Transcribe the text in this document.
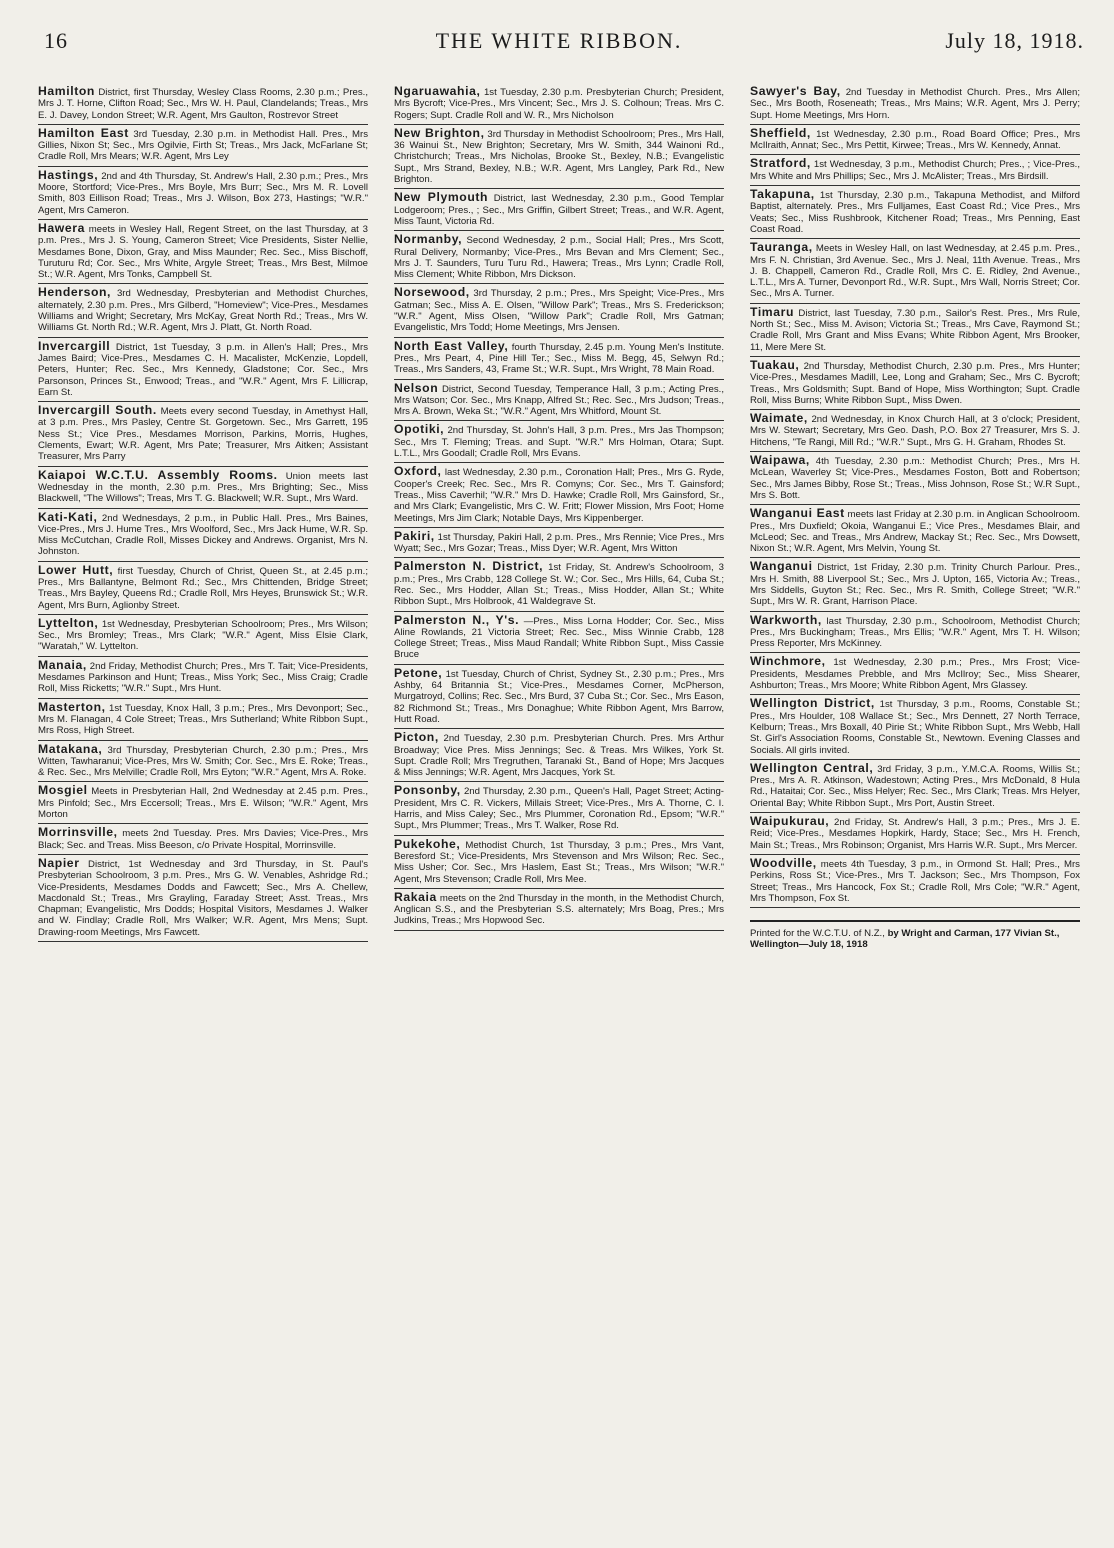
16	THE WHITE RIBBON.	July 18, 1918.
Hamilton District, first Thursday, Wesley Class Rooms, 2.30 p.m.; Pres., Mrs J. T. Horne, Clifton Road; Sec., Mrs W. H. Paul, Clandelands; Treas., Mrs E. J. Davey, London Street; W.R. Agent, Mrs Gaulton, Rostrevor Street
Hamilton East 3rd Tuesday, 2.30 p.m. in Methodist Hall. Pres., Mrs Gillies, Nixon St; Sec., Mrs Ogilvie, Firth St; Treas., Mrs Jack, McFarlane St; Cradle Roll, Mrs Mears; W.R. Agent, Mrs Ley
Hastings, 2nd and 4th Thursday, St. Andrew's Hall, 2.30 p.m.; Pres., Mrs Moore, Stortford; Vice-Pres., Mrs Boyle, Mrs Burr; Sec., Mrs M. R. Lovell Smith, 803 Eillison Road; Treas., Mrs J. Wilson, Box 273, Hastings; "W.R." Agent, Mrs Cameron.
Hawera meets in Wesley Hall, Regent Street, on the last Thursday, at 3 p.m. Pres., Mrs J. S. Young, Cameron Street; Vice Presidents, Sister Nellie, Mesdames Bone, Dixon, Gray, and Miss Maunder; Rec. Sec., Miss Bischoff, Turuturu Rd; Cor. Sec., Mrs White, Argyle Street; Treas., Mrs Best, Milmoe St.; W.R. Agent, Mrs Tonks, Campbell St.
Henderson, 3rd Wednesday, Presbyterian and Methodist Churches, alternately, 2.30 p.m. Pres., Mrs Gilberd, "Homeview"; Vice-Pres., Mesdames Williams and Wright; Secretary, Mrs McKay, Great North Rd.; Treas., Mrs W. Williams Gt. North Rd.; W.R. Agent, Mrs J. Platt, Gt. North Road.
Invercargill District, 1st Tuesday, 3 p.m. in Allen's Hall; Pres., Mrs James Baird; Vice-Pres., Mesdames C. H. Macalister, McKenzie, Lopdell, Peters, Hunter; Rec. Sec., Mrs Kennedy, Gladstone; Cor. Sec., Mrs Parsonson, Princes St., Enwood; Treas., and "W.R." Agent, Mrs F. Lillicrap, Earn St.
Invercargill South. Meets every second Tuesday, in Amethyst Hall, at 3 p.m. Pres., Mrs Pasley, Centre St. Gorgetown. Sec., Mrs Garrett, 195 Ness St.; Vice Pres., Mesdames Morrison, Parkins, Morris, Hughes, Clements, Ewart; W.R. Agent, Mrs Pate; Treasurer, Mrs Aitken; Assistant Treasurer, Mrs Parry
Kaiapoi W.C.T.U. Assembly Rooms. Union meets last Wednesday in the month, 2.30 p.m. Pres., Mrs Brighting; Sec., Miss Blackwell, "The Willows"; Treas, Mrs T. G. Blackwell; W.R. Supt., Mrs Ward.
Kati-Kati, 2nd Wednesdays, 2 p.m., in Public Hall. Pres., Mrs Baines, Vice-Pres., Mrs J. Hume Tres., Mrs Woolford, Sec., Mrs Jack Hume, W.R. Sp. Miss McCutchan, Cradle Roll, Misses Dickey and Andrews. Organist, Mrs N. Johnston.
Lower Hutt, first Tuesday, Church of Christ, Queen St., at 2.45 p.m.; Pres., Mrs Ballantyne, Belmont Rd.; Sec., Mrs Chittenden, Bridge Street; Treas., Mrs Bayley, Queens Rd.; Cradle Roll, Mrs Heyes, Brunswick St.; W.R. Agent, Mrs Burn, Aglionby Street.
Lyttelton, 1st Wednesday, Presbyterian Schoolroom; Pres., Mrs Wilson; Sec., Mrs Bromley; Treas., Mrs Clark; "W.R." Agent, Miss Elsie Clark, "Waratah," W. Lyttelton.
Manaia, 2nd Friday, Methodist Church; Pres., Mrs T. Tait; Vice-Presidents, Mesdames Parkinson and Hunt; Treas., Miss York; Sec., Miss Craig; Cradle Roll, Miss Ricketts; "W.R." Supt., Mrs Hunt.
Masterton, 1st Tuesday, Knox Hall, 3 p.m.; Pres., Mrs Devonport; Sec., Mrs M. Flanagan, 4 Cole Street; Treas., Mrs Sutherland; White Ribbon Supt., Mrs Ross, High Street.
Matakana, 3rd Thursday, Presbyterian Church, 2.30 p.m.; Pres., Mrs Witten, Tawharanui; Vice-Pres, Mrs W. Smith; Cor. Sec., Mrs E. Roke; Treas., & Rec. Sec., Mrs Melville; Cradle Roll, Mrs Eyton; "W.R." Agent, Mrs A. Roke.
Mosgiel Meets in Presbyterian Hall, 2nd Wednesday at 2.45 p.m. Pres., Mrs Pinfold; Sec., Mrs Eccersoll; Treas., Mrs E. Wilson; "W.R." Agent, Mrs Morton
Morrinsville, meets 2nd Tuesday. Pres. Mrs Davies; Vice-Pres., Mrs Black; Sec. and Treas. Miss Beeson, c/o Private Hospital, Morrinsville.
Napier District, 1st Wednesday and 3rd Thursday, in St. Paul's Presbyterian Schoolroom, 3 p.m. Pres., Mrs G. W. Venables, Ashridge Rd.; Vice-Presidents, Mesdames Dodds and Fawcett; Sec., Mrs A. Chellew, Macdonald St.; Treas., Mrs Grayling, Faraday Street; Asst. Treas., Mrs Chapman; Evangelistic, Mrs Dodds; Hospital Visitors, Mesdames J. Walker and W. Findlay; Cradle Roll, Mrs Walker; W.R. Agent, Mrs Mens; Supt. Drawing-room Meetings, Mrs Fawcett.
Ngaruawahia, 1st Tuesday, 2.30 p.m. Presbyterian Church; President, Mrs Bycroft; Vice-Pres., Mrs Vincent; Sec., Mrs J. S. Colhoun; Treas. Mrs C. Rogers; Supt. Cradle Roll and W. R., Mrs Nicholson
New Brighton, 3rd Thursday in Methodist Schoolroom; Pres., Mrs Hall, 36 Wainui St., New Brighton; Secretary, Mrs W. Smith, 344 Wainoni Rd., Christchurch; Treas., Mrs Nicholas, Brooke St., Bexley, N.B.; Evangelistic Supt., Mrs Strand, Bexley, N.B.; W.R. Agent, Mrs Langley, Park Rd., New Brighton.
New Plymouth District, last Wednesday, 2.30 p.m., Good Templar Lodgeroom; Pres., ; Sec., Mrs Griffin, Gilbert Street; Treas., and W.R. Agent, Miss Taunt, Victoria Rd.
Normanby, Second Wednesday, 2 p.m., Social Hall; Pres., Mrs Scott, Rural Delivery, Normanby; Vice-Pres., Mrs Bevan and Mrs Clement; Sec., Mrs J. T. Saunders, Turu Turu Rd., Hawera; Treas., Mrs Lynn; Cradle Roll, Miss Clement; White Ribbon, Mrs Dickson.
Norsewood, 3rd Thursday, 2 p.m.; Pres., Mrs Speight; Vice-Pres., Mrs Gatman; Sec., Miss A. E. Olsen, "Willow Park"; Treas., Mrs S. Frederickson; "W.R." Agent, Miss Olsen, "Willow Park"; Cradle Roll, Mrs Gatman; Evangelistic, Mrs Todd; Home Meetings, Mrs Jensen.
North East Valley, fourth Thursday, 2.45 p.m. Young Men's Institute. Pres., Mrs Peart, 4, Pine Hill Ter.; Sec., Miss M. Begg, 45, Selwyn Rd.; Treas., Mrs Sanders, 43, Frame St.; W.R. Supt., Mrs Wright, 78 Main Road.
Nelson District, Second Tuesday, Temperance Hall, 3 p.m.; Acting Pres., Mrs Watson; Cor. Sec., Mrs Knapp, Alfred St.; Rec. Sec., Mrs Judson; Treas., Mrs A. Brown, Weka St.; "W.R." Agent, Mrs Whitford, Mount St.
Opotiki, 2nd Thursday, St. John's Hall, 3 p.m. Pres., Mrs Jas Thompson; Sec., Mrs T. Fleming; Treas. and Supt. "W.R." Mrs Holman, Otara; Supt. L.T.L., Mrs Goodall; Cradle Roll, Mrs Evans.
Oxford, last Wednesday, 2.30 p.m., Coronation Hall; Pres., Mrs G. Ryde, Cooper's Creek; Rec. Sec., Mrs R. Comyns; Cor. Sec., Mrs T. Gainsford; Treas., Miss Caverhil; "W.R." Mrs D. Hawke; Cradle Roll, Mrs Gainsford, Sr., and Mrs Clark; Evangelistic, Mrs C. W. Fritt; Flower Mission, Mrs Foot; Home Meetings, Mrs Jim Clark; Notable Days, Mrs Kippenberger.
Pakiri, 1st Thursday, Pakiri Hall, 2 p.m. Pres., Mrs Rennie; Vice Pres., Mrs Wyatt; Sec., Mrs Gozar; Treas., Miss Dyer; W.R. Agent, Mrs Witton
Palmerston N. District, 1st Friday, St. Andrew's Schoolroom, 3 p.m.; Pres., Mrs Crabb, 128 College St. W.; Cor. Sec., Mrs Hills, 64, Cuba St.; Rec. Sec., Mrs Hodder, Allan St.; Treas., Miss Hodder, Allan St.; White Ribbon Supt., Mrs Holbrook, 41 Waldegrave St.
Palmerston N., Y's. —Pres., Miss Lorna Hodder; Cor. Sec., Miss Aline Rowlands, 21 Victoria Street; Rec. Sec., Miss Winnie Crabb, 128 College Street; Treas., Miss Maud Randall; White Ribbon Supt., Miss Cassie Bruce
Petone, 1st Tuesday, Church of Christ, Sydney St., 2.30 p.m.; Pres., Mrs Ashby, 64 Britannia St.; Vice-Pres., Mesdames Corner, McPherson, Murgatroyd, Collins; Rec. Sec., Mrs Burd, 37 Cuba St.; Cor. Sec., Mrs Eason, 82 Richmond St.; Treas., Mrs Donaghue; White Ribbon Agent, Mrs Barrow, Hutt Road.
Picton, 2nd Tuesday, 2.30 p.m. Presbyterian Church. Pres. Mrs Arthur Broadway; Vice Pres. Miss Jennings; Sec. & Treas. Mrs Wilkes, York St. Supt. Cradle Roll; Mrs Tregruthen, Taranaki St., Band of Hope; Mrs Jacques & Miss Jennings; W.R. Agent, Mrs Jacques, York St.
Ponsonby, 2nd Thursday, 2.30 p.m., Queen's Hall, Paget Street; Acting-President, Mrs C. R. Vickers, Millais Street; Vice-Pres., Mrs A. Thorne, C. I. Harris, and Miss Caley; Sec., Mrs Plummer, Coronation Rd., Epsom; "W.R." Supt., Mrs Plummer; Treas., Mrs T. Walker, Rose Rd.
Pukekohe, Methodist Church, 1st Thursday, 3 p.m.; Pres., Mrs Vant, Beresford St.; Vice-Presidents, Mrs Stevenson and Mrs Wilson; Rec. Sec., Miss Usher; Cor. Sec., Mrs Haslem, East St.; Treas., Mrs Wilson; "W.R." Agent, Mrs Stevenson; Cradle Roll, Mrs Mee.
Rakaia meets on the 2nd Thursday in the month, in the Methodist Church, Anglican S.S., and the Presbyterian S.S. alternately; Mrs Boag, Pres.; Mrs Judkins, Treas.; Mrs Hopwood Sec.
Sawyer's Bay, 2nd Tuesday in Methodist Church. Pres., Mrs Allen; Sec., Mrs Booth, Roseneath; Treas., Mrs Mains; W.R. Agent, Mrs J. Perry; Supt. Home Meetings, Mrs Horn.
Sheffield, 1st Wednesday, 2.30 p.m., Road Board Office; Pres., Mrs McIlraith, Annat; Sec., Mrs Pettit, Kirwee; Treas., Mrs W. Kennedy, Annat.
Stratford, 1st Wednesday, 3 p.m., Methodist Church; Pres., ; Vice-Pres., Mrs White and Mrs Phillips; Sec., Mrs J. McAlister; Treas., Mrs Birdsill.
Takapuna, 1st Thursday, 2.30 p.m., Takapuna Methodist, and Milford Baptist, alternately. Pres., Mrs Fulljames, East Coast Rd.; Vice Pres., Mrs Veats; Sec., Miss Rushbrook, Kitchener Road; Treas., Mrs Penning, East Coast Road.
Tauranga, Meets in Wesley Hall, on last Wednesday, at 2.45 p.m. Pres., Mrs F. N. Christian, 3rd Avenue. Sec., Mrs J. Neal, 11th Avenue. Treas., Mrs J. B. Chappell, Cameron Rd., Cradle Roll, Mrs C. E. Ridley, 2nd Avenue., L.T.L., Mrs A. Turner, Devonport Rd., W.R. Supt., Mrs Wall, Norris Street; Cor. Sec., Mrs A. Turner.
Timaru District, last Tuesday, 7.30 p.m., Sailor's Rest. Pres., Mrs Rule, North St.; Sec., Miss M. Avison; Victoria St.; Treas., Mrs Cave, Raymond St.; Cradle Roll, Mrs Grant and Miss Evans; White Ribbon Agent, Mrs Brooker, 11, Mere Mere St.
Tuakau, 2nd Thursday, Methodist Church, 2.30 p.m. Pres., Mrs Hunter; Vice-Pres., Mesdames Madill, Lee, Long and Graham; Sec., Mrs C. Bycroft; Treas., Mrs Goldsmith; Supt. Band of Hope, Miss Worthington; Supt. Cradle Roll, Miss Burns; White Ribbon Supt., Miss Dwen.
Waimate, 2nd Wednesday, in Knox Church Hall, at 3 o'clock; President, Mrs W. Stewart; Secretary, Mrs Geo. Dash, P.O. Box 27 Treasurer, Mrs S. J. Hitchens, "Te Rangi, Mill Rd.; "W.R." Supt., Mrs G. H. Graham, Rhodes St.
Waipawa, 4th Tuesday, 2.30 p.m.: Methodist Church; Pres., Mrs H. McLean, Waverley St; Vice-Pres., Mesdames Foston, Bott and Robertson; Sec., Mrs James Bibby, Rose St.; Treas., Miss Johnson, Rose St.; W.R Supt., Mrs S. Bott.
Wanganui East meets last Friday at 2.30 p.m. in Anglican Schoolroom. Pres., Mrs Duxfield; Okoia, Wanganui E.; Vice Pres., Mesdames Blair, and McLeod; Sec. and Treas., Mrs Andrew, Mackay St.; Rec. Sec., Mrs Dowsett, Nixon St.; W.R. Agent, Mrs Melvin, Young St.
Wanganui District, 1st Friday, 2.30 p.m. Trinity Church Parlour. Pres., Mrs H. Smith, 88 Liverpool St.; Sec., Mrs J. Upton, 165, Victoria Av.; Treas., Mrs Siddells, Guyton St.; Rec. Sec., Mrs R. Smith, College Street; "W.R." Supt., Mrs W. R. Grant, Harrison Place.
Warkworth, last Thursday, 2.30 p.m., Schoolroom, Methodist Church; Pres., Mrs Buckingham; Treas., Mrs Ellis; "W.R." Agent, Mrs T. H. Wilson; Press Reporter, Mrs McKinney.
Winchmore, 1st Wednesday, 2.30 p.m.; Pres., Mrs Frost; Vice-Presidents, Mesdames Prebble, and Mrs McIlroy; Sec., Miss Shearer, Ashburton; Treas., Mrs Moore; White Ribbon Agent, Mrs Glassey.
Wellington District, 1st Thursday, 3 p.m., Rooms, Constable St.; Pres., Mrs Houlder, 108 Wallace St.; Sec., Mrs Dennett, 27 North Terrace, Kelburn; Treas., Mrs Boxall, 40 Pirie St.; White Ribbon Supt., Mrs Webb, Hall St. Girl's Association Rooms, Constable St., Newtown. Evening Classes and Socials. All girls invited.
Wellington Central, 3rd Friday, 3 p.m., Y.M.C.A. Rooms, Willis St.; Pres., Mrs A. R. Atkinson, Wadestown; Acting Pres., Mrs McDonald, 8 Hula Rd., Hataitai; Cor. Sec., Miss Helyer; Rec. Sec., Mrs Clark; Treas. Mrs Helyer, Oriental Bay; White Ribbon Supt., Mrs Port, Austin Street.
Waipukurau, 2nd Friday, St. Andrew's Hall, 3 p.m.; Pres., Mrs J. E. Reid; Vice-Pres., Mesdames Hopkirk, Hardy, Stace; Sec., Mrs H. French, Main St.; Treas., Mrs Robinson; Organist, Mrs Harris W.R. Supt., Mrs Mercer.
Woodville, meets 4th Tuesday, 3 p.m., in Ormond St. Hall; Pres., Mrs Perkins, Ross St.; Vice-Pres., Mrs T. Jackson; Sec., Mrs Thompson, Fox Street; Treas., Mrs Hancock, Fox St.; Cradle Roll, Mrs Cole; "W.R." Agent, Mrs Thompson, Fox St.
Printed for the W.C.T.U. of N.Z., by Wright and Carman, 177 Vivian St., Wellington—July 18, 1918
